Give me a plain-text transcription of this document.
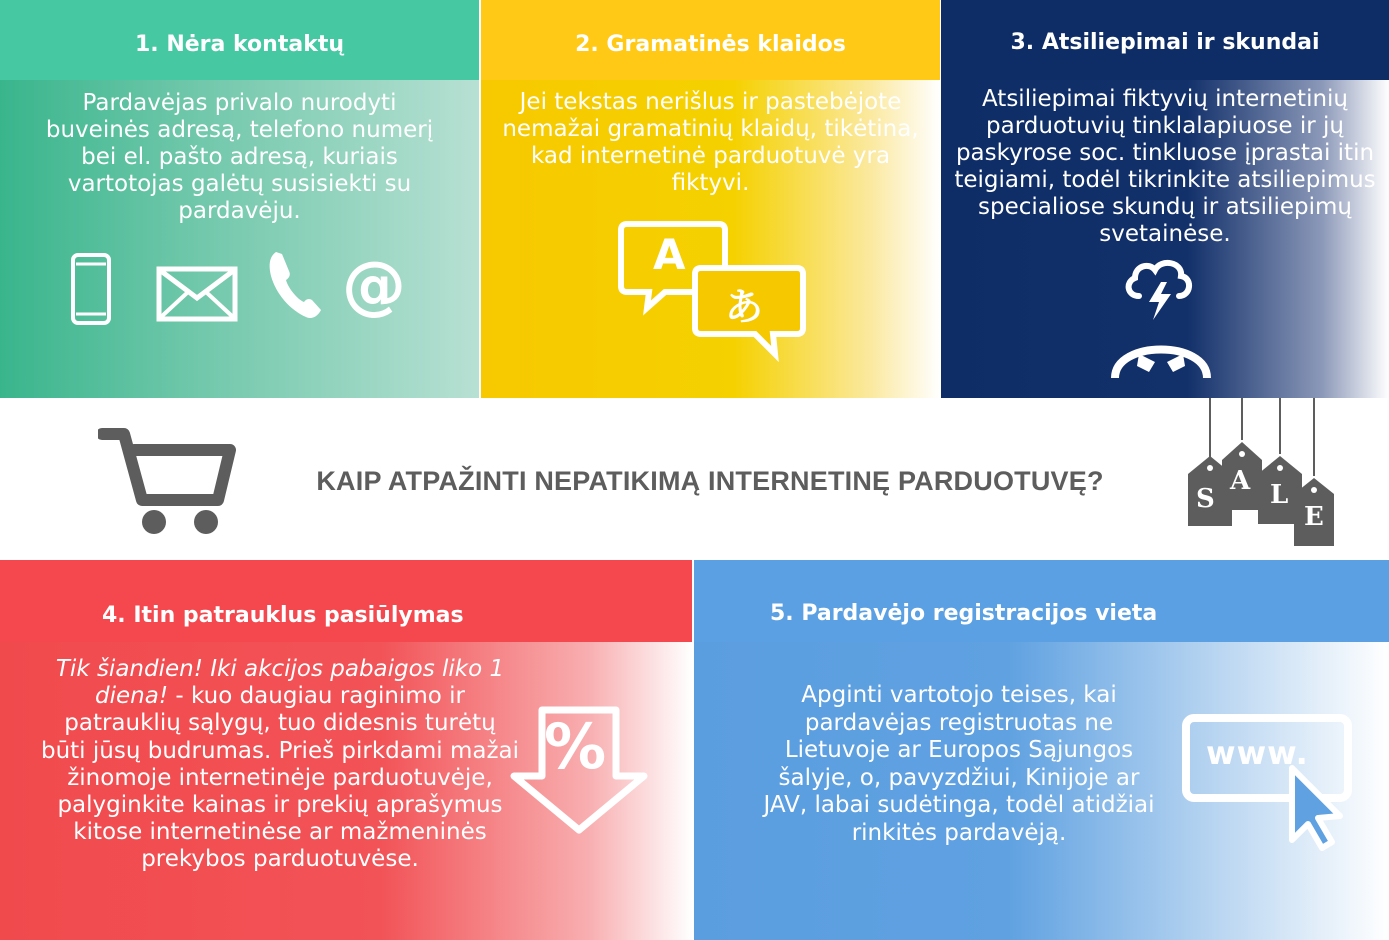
1. Nėra kontaktų

Pardavėjas privalo nurodyti buveinės adresą, telefono numerį bei el. pašto adresą, kuriais vartotojas galėtų susisiekti su pardavėju.

@
2. Gramatinės klaidos

Jei tekstas nerišlus ir pastebėjote nemažai gramatinių klaidų, tikėtina, kad internetinė parduotuvė yra fiktyvi.

A
あ
3. Atsiliepimai ir skundai

Atsiliepimai fiktyvių internetinių parduotuvių tinklalapiuose ir jų paskyrose soc. tinkluose įprastai itin teigiami, todėl tikrinkite atsiliepimus specialiose skundų ir atsiliepimų svetainėse.

KAIP ATPAŽINTI NEPATIKIMĄ INTERNETINĘ PARDUOTUVĘ?
S
A L
E
4. Itin patrauklus pasiūlymas

Tik šiandien! Iki akcijos pabaigos liko 1 diena! - kuo daugiau raginimo ir patrauklių sąlygų, tuo didesnis turėtų būti jūsų budrumas. Prieš pirkdami mažai žinomoje internetinėje parduotuvėje, palyginkite kainas ir prekių aprašymus kitose internetinėse ar mažmeninės prekybos parduotuvėse.

%
5. Pardavėjo registracijos vieta

Apginti vartotojo teises, kai pardavėjas registruotas ne Lietuvoje ar Europos Sąjungos šalyje, o, pavyzdžiui, Kinijoje ar JAV, labai sudėtinga, todėl atidžiai rinkitės pardavėją.

www.
